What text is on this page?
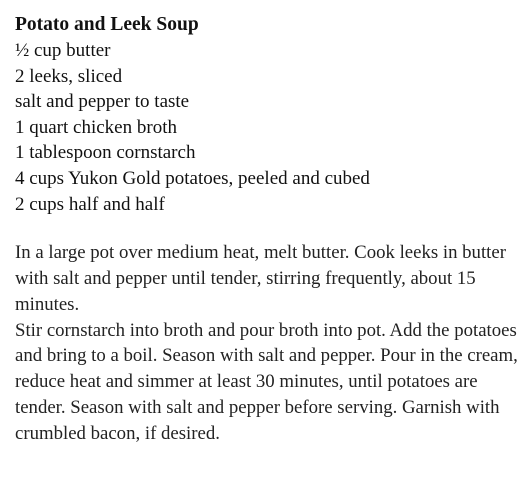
Potato and Leek Soup
½ cup butter
2 leeks, sliced
salt and pepper to taste
1 quart chicken broth
1 tablespoon cornstarch
4 cups Yukon Gold potatoes, peeled and cubed
2 cups half and half

In a large pot over medium heat, melt butter. Cook leeks in butter with salt and pepper until tender, stirring frequently, about 15 minutes.

Stir cornstarch into broth and pour broth into pot. Add the potatoes and bring to a boil. Season with salt and pepper. Pour in the cream, reduce heat and simmer at least 30 minutes, until potatoes are tender. Season with salt and pepper before serving. Garnish with crumbled bacon, if desired.
